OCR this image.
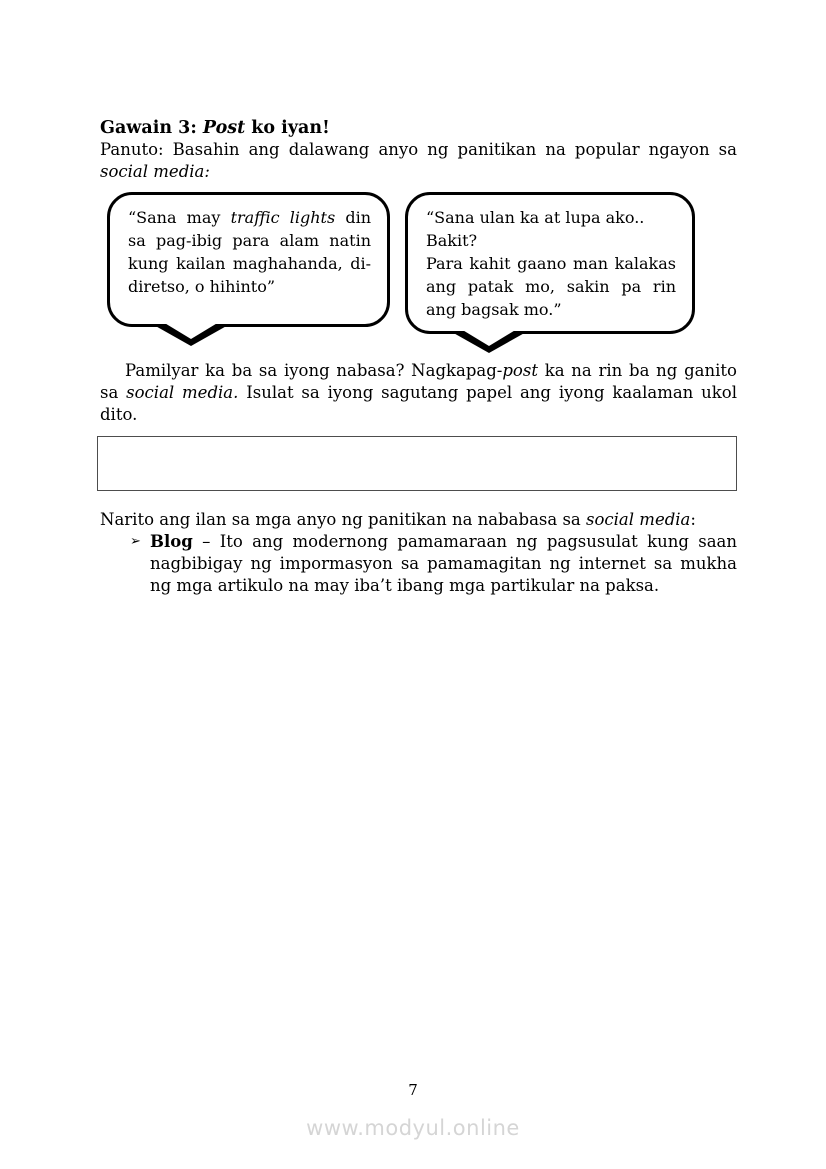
Gawain 3: Post ko iyan!
Panuto: Basahin ang dalawang anyo ng panitikan na popular ngayon sa social media:
“Sana may traffic lights din sa pag-ibig para alam natin kung kailan maghahanda, di-diretso, o hihinto”
“Sana ulan ka at lupa ako..
Bakit?
Para kahit gaano man kalakas ang patak mo, sakin pa rin ang bagsak mo.”
Pamilyar ka ba sa iyong nabasa? Nagkapag-post ka na rin ba ng ganito sa social media. Isulat sa iyong sagutang papel ang iyong kaalaman ukol dito.
Narito ang ilan sa mga anyo ng panitikan na nababasa sa social media:
➢ Blog – Ito ang modernong pamamaraan ng pagsusulat kung saan nagbibigay ng impormasyon sa pamamagitan ng internet sa mukha ng mga artikulo na may iba’t ibang mga partikular na paksa.
7
www.modyul.online
